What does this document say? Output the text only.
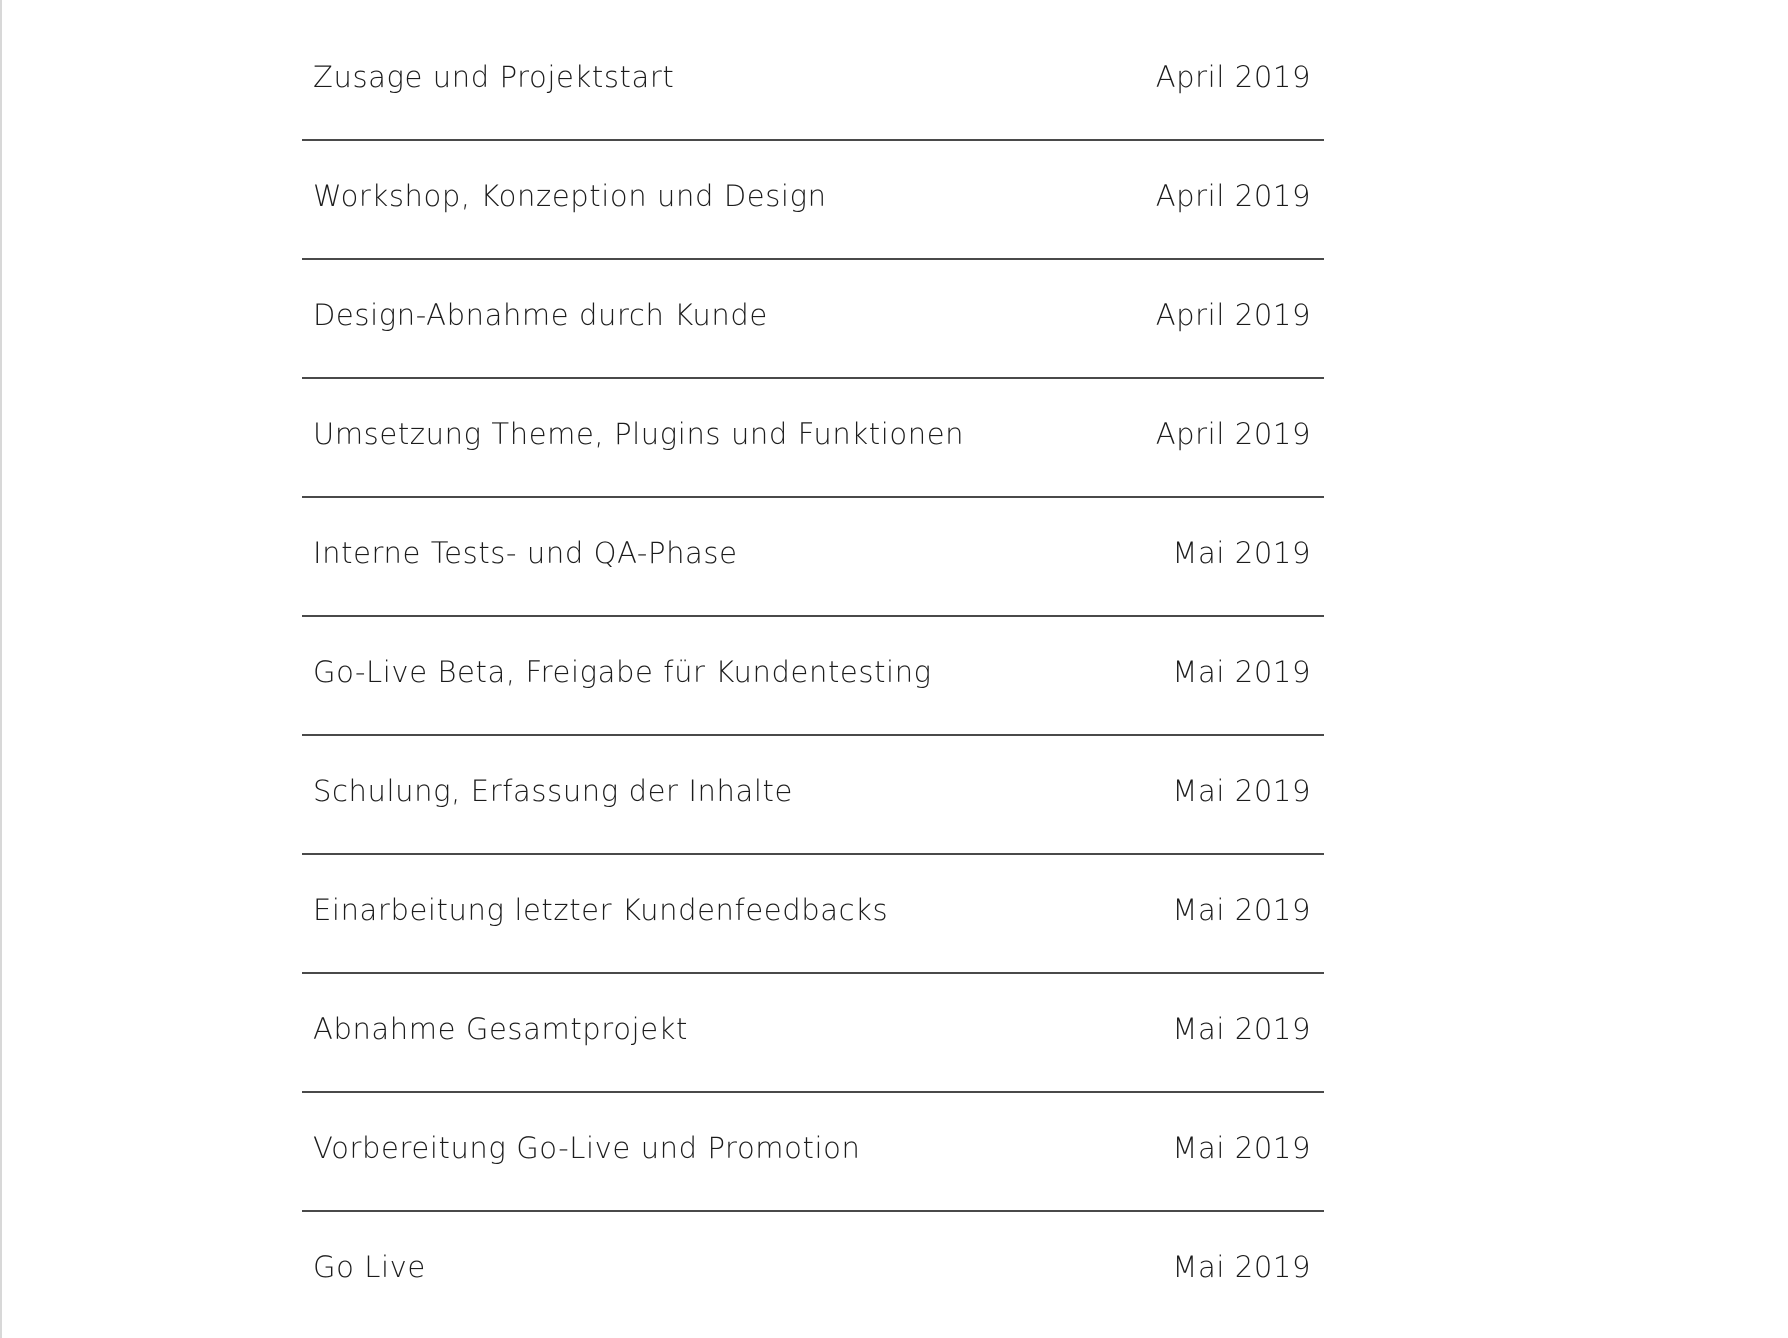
Zusage und Projektstart	April 2019
Workshop, Konzeption und Design	April 2019
Design-Abnahme durch Kunde	April 2019
Umsetzung Theme, Plugins und Funktionen	April 2019
Interne Tests- und QA-Phase	Mai 2019
Go-Live Beta, Freigabe für Kundentesting	Mai 2019
Schulung, Erfassung der Inhalte	Mai 2019
Einarbeitung letzter Kundenfeedbacks	Mai 2019
Abnahme Gesamtprojekt	Mai 2019
Vorbereitung Go-Live und Promotion	Mai 2019
Go Live	Mai 2019
